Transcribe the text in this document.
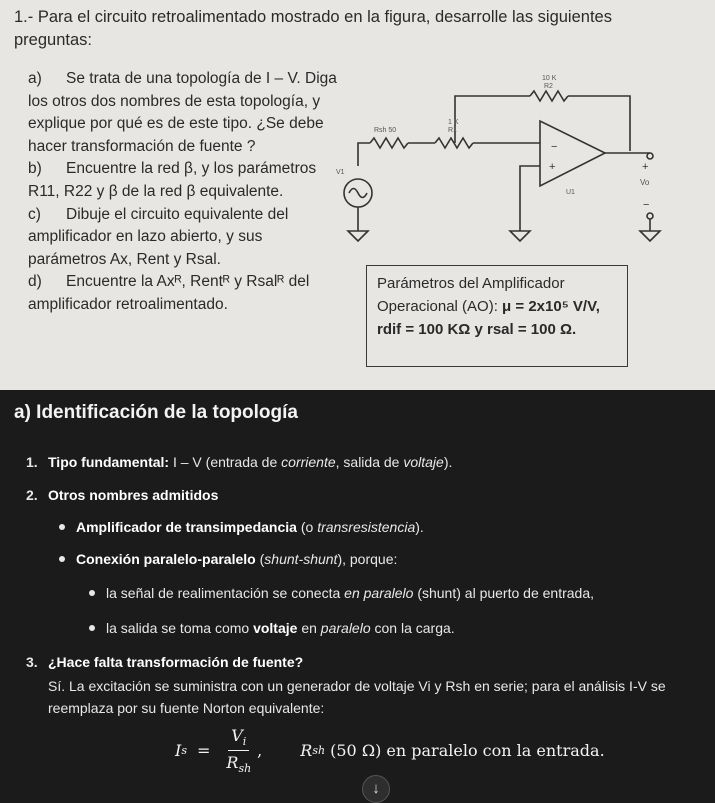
1.- Para el circuito retroalimentado mostrado en la figura, desarrolle las siguientes preguntas:

a) Se trata de una topología de I – V. Diga los otros dos nombres de esta topología, y explique por qué es de este tipo. ¿Se debe hacer transformación de fuente ?

b) Encuentre la red β, y los parámetros R11, R22 y β de la red β equivalente.

c) Dibuje el circuito equivalente del amplificador en lazo abierto, y sus parámetros Ax, Rent y Rsal.

d) Encuentre la Axᴿ, Rentᴿ y Rsalᴿ del amplificador retroalimentado.

−
+
U1
10 K
R2
Rsh 50
1 K
R1
V1	+
Vo
−
Parámetros del Amplificador
Operacional (AO): μ = 2x10⁵ V/V,
rdif = 100 KΩ y rsal = 100 Ω.
a) Identificación de la topología
1. Tipo fundamental: I – V (entrada de corriente, salida de voltaje).
2. Otros nombres admitidos
Amplificador de transimpedancia (o transresistencia).
Conexión paralelo-paralelo (shunt-shunt), porque:
la señal de realimentación se conecta en paralelo (shunt) al puerto de entrada,
la salida se toma como voltaje en paralelo con la carga.
3. ¿Hace falta transformación de fuente?
Sí. La excitación se suministra con un generador de voltaje Vi y Rsh en serie; para el análisis I-V se
reemplaza por su fuente Norton equivalente:
I $s = \frac{V_i}{R_{sh}}$ , R sh (50 Ω) en paralelo con la entrada.
↓
